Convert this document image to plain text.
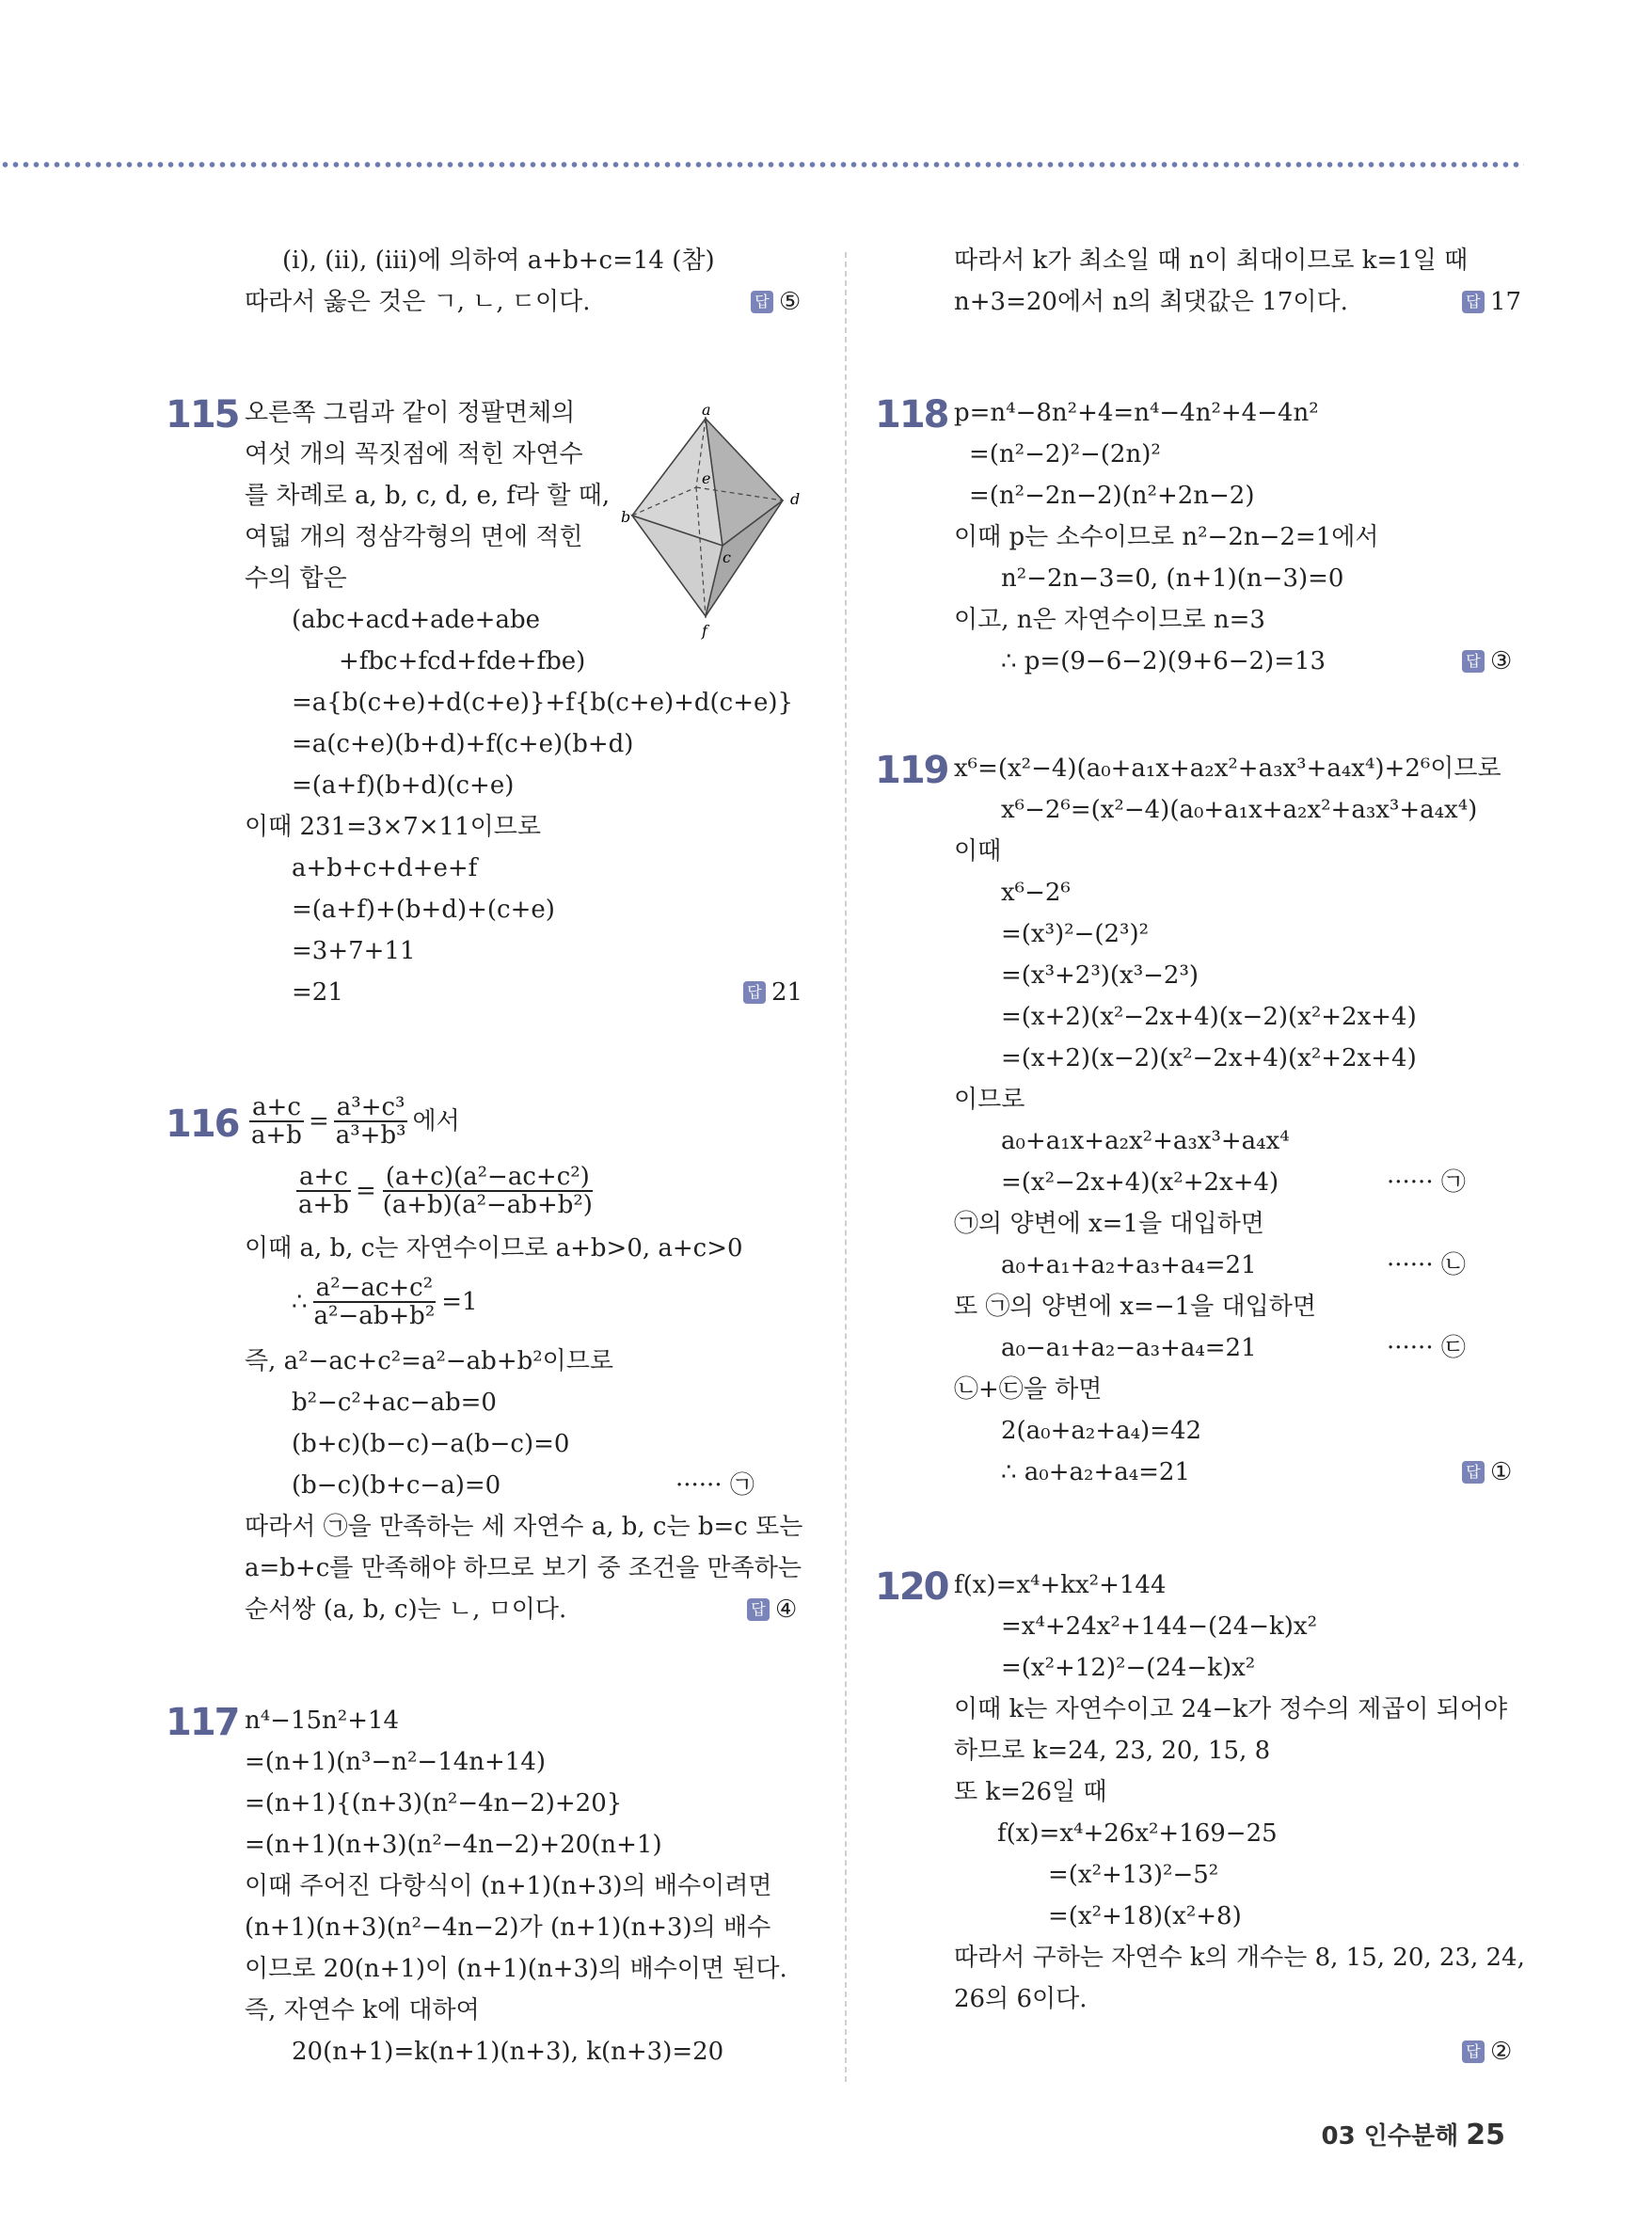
(ⅰ), (ⅱ), (ⅲ)에 의하여 a+b+c=14 (참)
따라서 옳은 것은 ㄱ, ㄴ, ㄷ이다.	답 ⑤
115 오른쪽 그림과 같이 정팔면체의
여섯 개의 꼭짓점에 적힌 자연수
를 차례로 a, b, c, d, e, f라 할 때,
여덟 개의 정삼각형의 면에 적힌
수의 합은
(abc+acd+ade+abe
+fbc+fcd+fde+fbe)
=a{b(c+e)+d(c+e)}+f{b(c+e)+d(c+e)}
=a(c+e)(b+d)+f(c+e)(b+d)
=(a+f)(b+d)(c+e)
이때 231=3×7×11이므로
a+b+c+d+e+f
=(a+f)+(b+d)+(c+e)
=3+7+11
=21	답 21
a
b
c
d
e
f
$116 \frac{a+c}{a+b} = \frac{\text{a³+c³}}{\text{a³+b³}}$ 에서
$\frac{a+c}{a+b} = \frac{\text{(a+c)(a²−ac+c²)}}{\text{(a+b)(a²−ab+b²)}}$
이때 a, b, c는 자연수이므로 a+b>0, a+c>0
∴ $\frac{\text{a²−ac+c²}}{\text{a²−ab+b²}} =1$
즉, a²−ac+c²=a²−ab+b²이므로
b²−c²+ac−ab=0
(b+c)(b−c)−a(b−c)=0
(b−c)(b+c−a)=0	······ ㉠
따라서 ㉠을 만족하는 세 자연수 a, b, c는 b=c 또는
a=b+c를 만족해야 하므로 보기 중 조건을 만족하는
순서쌍 (a, b, c)는 ㄴ, ㅁ이다.	답 ④
117 n⁴−15n²+14
=(n+1)(n³−n²−14n+14)
=(n+1){(n+3)(n²−4n−2)+20}
=(n+1)(n+3)(n²−4n−2)+20(n+1)
이때 주어진 다항식이 (n+1)(n+3)의 배수이려면
(n+1)(n+3)(n²−4n−2)가 (n+1)(n+3)의 배수
이므로 20(n+1)이 (n+1)(n+3)의 배수이면 된다.
즉, 자연수 k에 대하여
20(n+1)=k(n+1)(n+3), k(n+3)=20
따라서 k가 최소일 때 n이 최대이므로 k=1일 때
n+3=20에서 n의 최댓값은 17이다.	답 17
118 p=n⁴−8n²+4=n⁴−4n²+4−4n²
=(n²−2)²−(2n)²
=(n²−2n−2)(n²+2n−2)
이때 p는 소수이므로 n²−2n−2=1에서
n²−2n−3=0, (n+1)(n−3)=0
이고, n은 자연수이므로 n=3
∴ p=(9−6−2)(9+6−2)=13	답 ③
119 x⁶=(x²−4)(a₀+a₁x+a₂x²+a₃x³+a₄x⁴)+2⁶이므로
x⁶−2⁶=(x²−4)(a₀+a₁x+a₂x²+a₃x³+a₄x⁴)
이때
x⁶−2⁶
=(x³)²−(2³)²
=(x³+2³)(x³−2³)
=(x+2)(x²−2x+4)(x−2)(x²+2x+4)
=(x+2)(x−2)(x²−2x+4)(x²+2x+4)
이므로
a₀+a₁x+a₂x²+a₃x³+a₄x⁴
=(x²−2x+4)(x²+2x+4)	······ ㉠
㉠의 양변에 x=1을 대입하면
a₀+a₁+a₂+a₃+a₄=21	······ ㉡
또 ㉠의 양변에 x=−1을 대입하면
a₀−a₁+a₂−a₃+a₄=21	······ ㉢
㉡+㉢을 하면
2(a₀+a₂+a₄)=42
∴ a₀+a₂+a₄=21	답 ①
120 f(x)=x⁴+kx²+144
=x⁴+24x²+144−(24−k)x²
=(x²+12)²−(24−k)x²
이때 k는 자연수이고 24−k가 정수의 제곱이 되어야
하므로 k=24, 23, 20, 15, 8
또 k=26일 때
f(x)=x⁴+26x²+169−25
=(x²+13)²−5²
=(x²+18)(x²+8)
따라서 구하는 자연수 k의 개수는 8, 15, 20, 23, 24,
26의 6이다.
답 ②
03 인수분해 25
